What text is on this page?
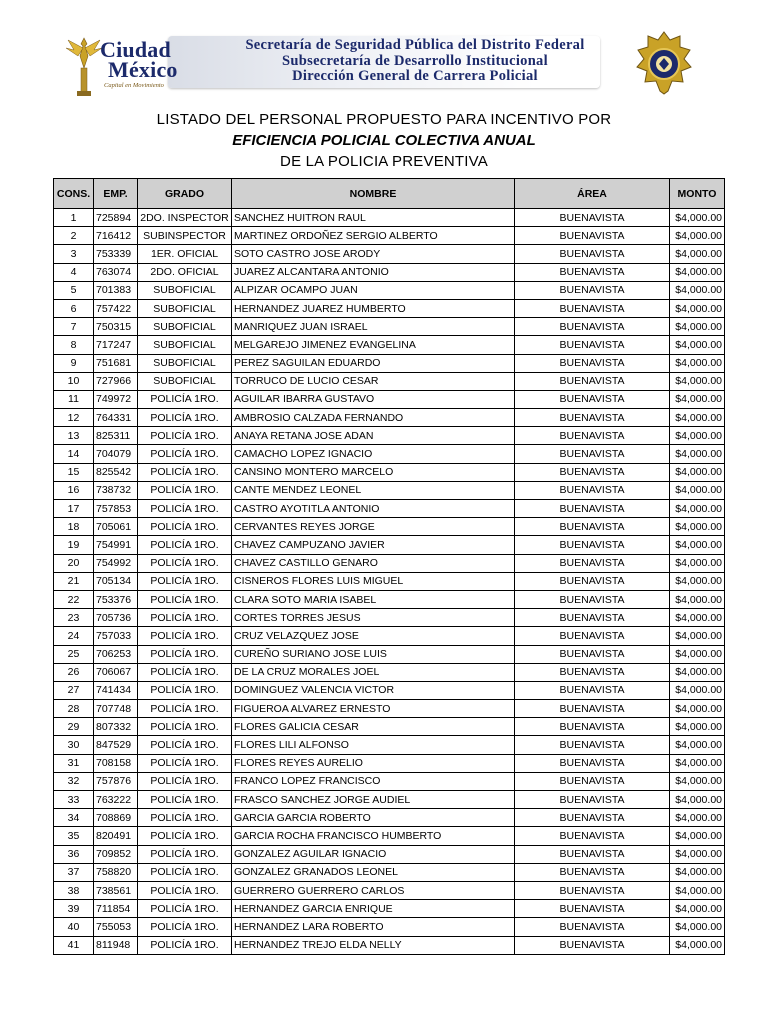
Ciudad
México
Capital en Movimiento
Secretaría de Seguridad Pública del Distrito Federal
Subsecretaría de Desarrollo Institucional
Dirección General de Carrera Policial
LISTADO DEL PERSONAL PROPUESTO PARA INCENTIVO POR
EFICIENCIA POLICIAL COLECTIVA ANUAL
DE LA POLICIA PREVENTIVA
CONS.	EMP.	GRADO	NOMBRE	ÁREA	MONTO
1	725894	2DO. INSPECTOR	SANCHEZ HUITRON RAUL	BUENAVISTA	$4,000.00
2	716412	SUBINSPECTOR	MARTINEZ ORDOÑEZ SERGIO ALBERTO	BUENAVISTA	$4,000.00
3	753339	1ER. OFICIAL	SOTO CASTRO JOSE ARODY	BUENAVISTA	$4,000.00
4	763074	2DO. OFICIAL	JUAREZ ALCANTARA ANTONIO	BUENAVISTA	$4,000.00
5	701383	SUBOFICIAL	ALPIZAR OCAMPO JUAN	BUENAVISTA	$4,000.00
6	757422	SUBOFICIAL	HERNANDEZ JUAREZ HUMBERTO	BUENAVISTA	$4,000.00
7	750315	SUBOFICIAL	MANRIQUEZ JUAN ISRAEL	BUENAVISTA	$4,000.00
8	717247	SUBOFICIAL	MELGAREJO JIMENEZ EVANGELINA	BUENAVISTA	$4,000.00
9	751681	SUBOFICIAL	PEREZ SAGUILAN EDUARDO	BUENAVISTA	$4,000.00
10	727966	SUBOFICIAL	TORRUCO DE LUCIO CESAR	BUENAVISTA	$4,000.00
11	749972	POLICÍA 1RO.	AGUILAR IBARRA GUSTAVO	BUENAVISTA	$4,000.00
12	764331	POLICÍA 1RO.	AMBROSIO CALZADA FERNANDO	BUENAVISTA	$4,000.00
13	825311	POLICÍA 1RO.	ANAYA RETANA JOSE ADAN	BUENAVISTA	$4,000.00
14	704079	POLICÍA 1RO.	CAMACHO LOPEZ IGNACIO	BUENAVISTA	$4,000.00
15	825542	POLICÍA 1RO.	CANSINO MONTERO MARCELO	BUENAVISTA	$4,000.00
16	738732	POLICÍA 1RO.	CANTE MENDEZ LEONEL	BUENAVISTA	$4,000.00
17	757853	POLICÍA 1RO.	CASTRO AYOTITLA ANTONIO	BUENAVISTA	$4,000.00
18	705061	POLICÍA 1RO.	CERVANTES REYES JORGE	BUENAVISTA	$4,000.00
19	754991	POLICÍA 1RO.	CHAVEZ CAMPUZANO JAVIER	BUENAVISTA	$4,000.00
20	754992	POLICÍA 1RO.	CHAVEZ CASTILLO GENARO	BUENAVISTA	$4,000.00
21	705134	POLICÍA 1RO.	CISNEROS FLORES LUIS MIGUEL	BUENAVISTA	$4,000.00
22	753376	POLICÍA 1RO.	CLARA SOTO MARIA ISABEL	BUENAVISTA	$4,000.00
23	705736	POLICÍA 1RO.	CORTES TORRES JESUS	BUENAVISTA	$4,000.00
24	757033	POLICÍA 1RO.	CRUZ VELAZQUEZ JOSE	BUENAVISTA	$4,000.00
25	706253	POLICÍA 1RO.	CUREÑO SURIANO JOSE LUIS	BUENAVISTA	$4,000.00
26	706067	POLICÍA 1RO.	DE LA CRUZ MORALES JOEL	BUENAVISTA	$4,000.00
27	741434	POLICÍA 1RO.	DOMINGUEZ VALENCIA VICTOR	BUENAVISTA	$4,000.00
28	707748	POLICÍA 1RO.	FIGUEROA ALVAREZ ERNESTO	BUENAVISTA	$4,000.00
29	807332	POLICÍA 1RO.	FLORES GALICIA CESAR	BUENAVISTA	$4,000.00
30	847529	POLICÍA 1RO.	FLORES LILI ALFONSO	BUENAVISTA	$4,000.00
31	708158	POLICÍA 1RO.	FLORES REYES AURELIO	BUENAVISTA	$4,000.00
32	757876	POLICÍA 1RO.	FRANCO LOPEZ FRANCISCO	BUENAVISTA	$4,000.00
33	763222	POLICÍA 1RO.	FRASCO SANCHEZ JORGE AUDIEL	BUENAVISTA	$4,000.00
34	708869	POLICÍA 1RO.	GARCIA GARCIA ROBERTO	BUENAVISTA	$4,000.00
35	820491	POLICÍA 1RO.	GARCIA ROCHA FRANCISCO HUMBERTO	BUENAVISTA	$4,000.00
36	709852	POLICÍA 1RO.	GONZALEZ AGUILAR IGNACIO	BUENAVISTA	$4,000.00
37	758820	POLICÍA 1RO.	GONZALEZ GRANADOS LEONEL	BUENAVISTA	$4,000.00
38	738561	POLICÍA 1RO.	GUERRERO GUERRERO CARLOS	BUENAVISTA	$4,000.00
39	711854	POLICÍA 1RO.	HERNANDEZ GARCIA ENRIQUE	BUENAVISTA	$4,000.00
40	755053	POLICÍA 1RO.	HERNANDEZ LARA ROBERTO	BUENAVISTA	$4,000.00
41	811948	POLICÍA 1RO.	HERNANDEZ TREJO ELDA NELLY	BUENAVISTA	$4,000.00
